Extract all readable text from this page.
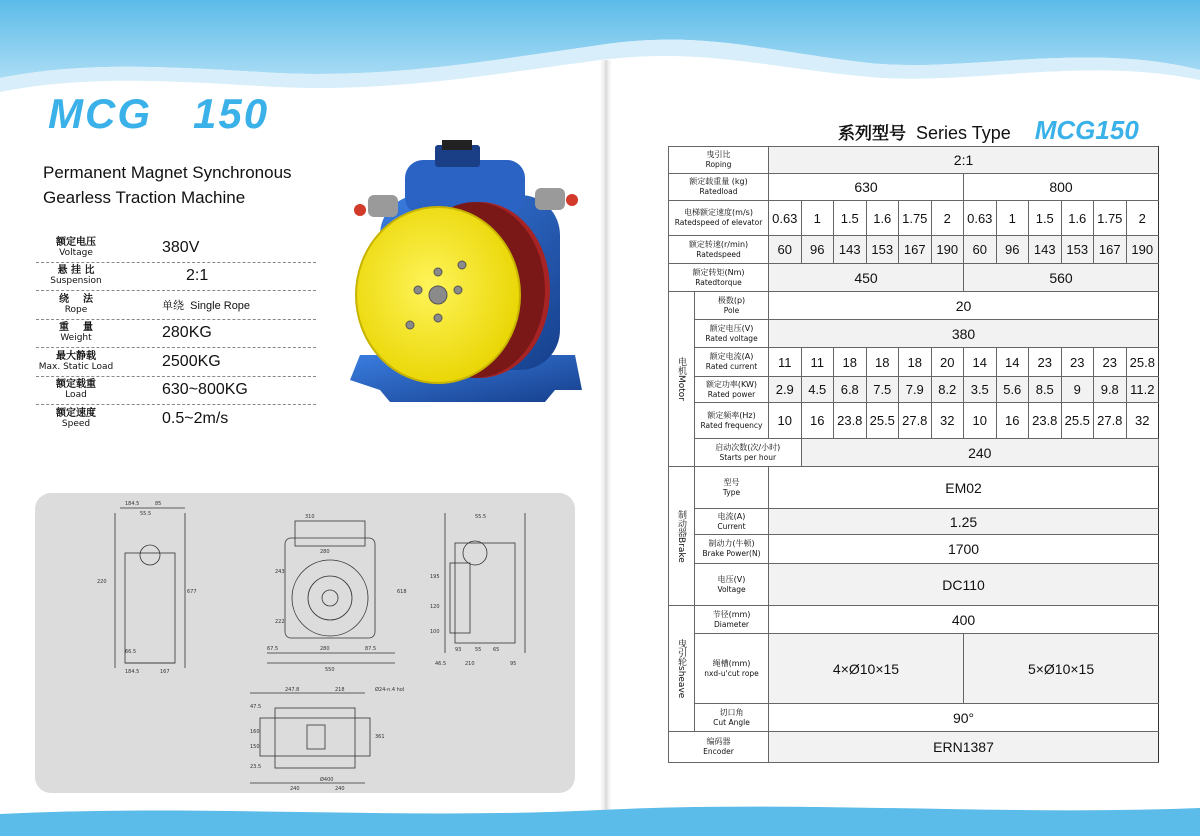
MCG   150
Permanent Magnet Synchronous
Gearless Traction Machine
额定电压
Voltage	380V
悬 挂 比
Suspension	2:1
绕    法
Rope	单绕  Single Rope
重    量
Weight	280KG
最大静载
Max. Static Load	2500KG
额定载重
Load	630~800KG
额定速度
Speed	0.5~2m/s
184.5	85
55.5
220
677
184.5	167
66.5
310
280
243
67.5	280	87.5
550
222
618
55.5
195
120
100
46.5
93	55 65
210	95
247.8	218	Ø24-n.4 hol
160
150
361
Ø400
240	240
47.5
23.5
系列型号 Series Type MCG150
曳引比
Roping		2:1											

额定载重量 (kg)
Ratedload		630						800					

电梯额定速度(m/s)
Ratedspeed of elevator		0.63	1	1.5	1.6	1.75	2	0.63	1	1.5	1.6	1.75	2

额定转速(r/min)
Ratedspeed		60	96	143	153	167	190	60	96	143	153	167	190

额定转矩(Nm)
Ratedtorque		450						560					
电机Motor	极数(p)
Pole	20											

	额定电压(V)
Rated voltage	380											

	额定电流(A)
Rated current	11	11	18	18	18	20	14	14	23	23	23	25.8

	额定功率(KW)
Rated power	2.9	4.5	6.8	7.5	7.9	8.2	3.5	5.6	8.5	9	9.8	11.2

	额定频率(Hz)
Rated frequency	10	16	23.8	25.5	27.8	32	10	16	23.8	25.5	27.8	32

	启动次数(次/小时)
Starts per hour		240										
制动器Brake	型号
Type	EM02											

	电流(A)
Current	1.25											

	制动力(牛顿)
Brake Power(N)	1700											

	电压(V)
Voltage	DC110											
曳引轮sheave	节径(mm)
Diameter	400											

	绳槽(mm)
nxd-u'cut rope	4×Ø10×15						5×Ø10×15					

	切口角
Cut Angle	90°											

编码器
Encoder		ERN1387											
